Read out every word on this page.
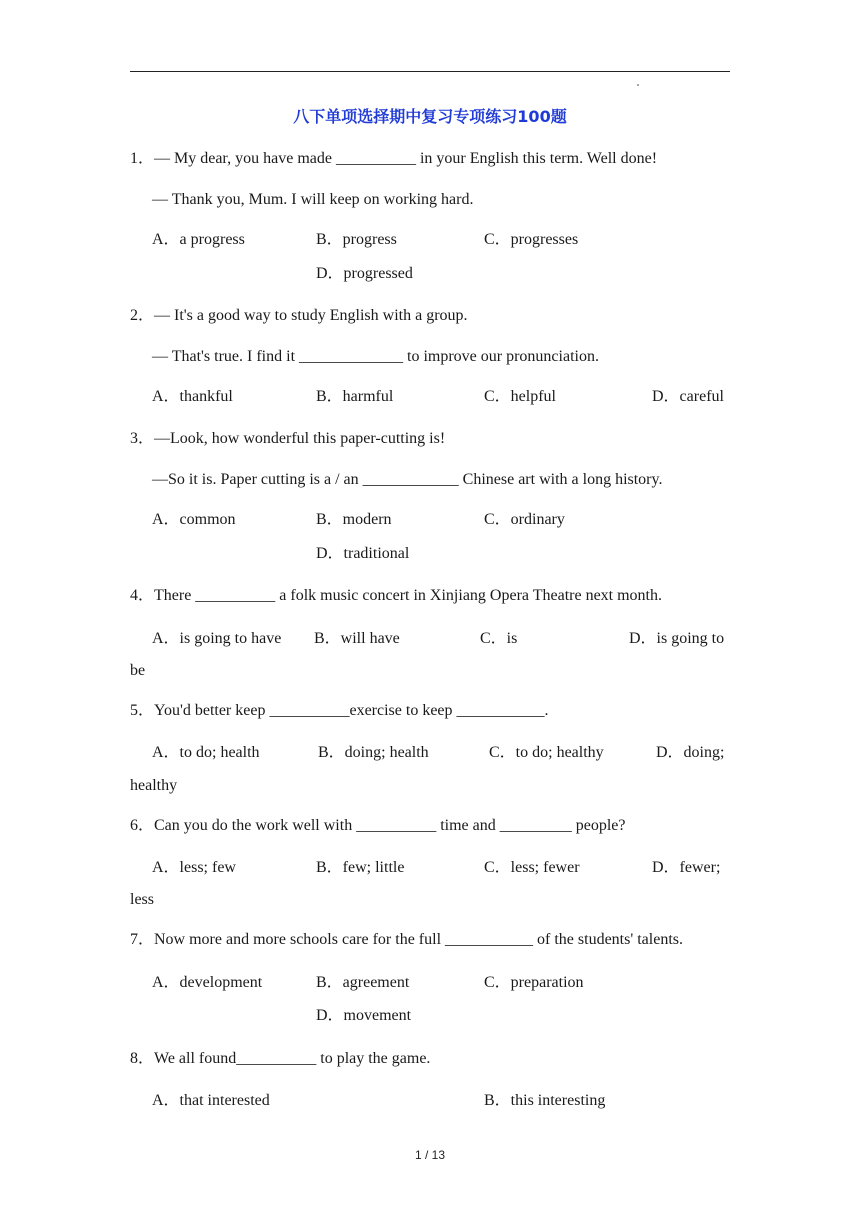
八下单项选择期中复习专项练习100题
1．— My dear, you have made __________ in your English this term. Well done!
— Thank you, Mum. I will keep on working hard.
A．a progress	B．progress	C．progresses
D．progressed
2．— It's a good way to study English with a group.
— That's true. I find it _____________ to improve our pronunciation.
A．thankful	B．harmful	C．helpful	D．careful
3．—Look, how wonderful this paper-cutting is!
—So it is. Paper cutting is a / an ____________ Chinese art with a long history.
A．common	B．modern	C．ordinary
D．traditional
4．There __________ a folk music concert in Xinjiang Opera Theatre next month.
A．is going to have B．will have	C．is	D．is going to
be
5．You'd better keep __________exercise to keep ___________.
A．to do; health	B．doing; health	C．to do; healthy	D．doing;
healthy
6．Can you do the work well with __________ time and _________ people?
A．less; few	B．few; little	C．less; fewer	D．fewer;
less
7．Now more and more schools care for the full ___________ of the students' talents.
A．development	B．agreement	C．preparation
D．movement
8．We all found__________ to play the game.
A．that interested	B．this interesting
1 / 13
